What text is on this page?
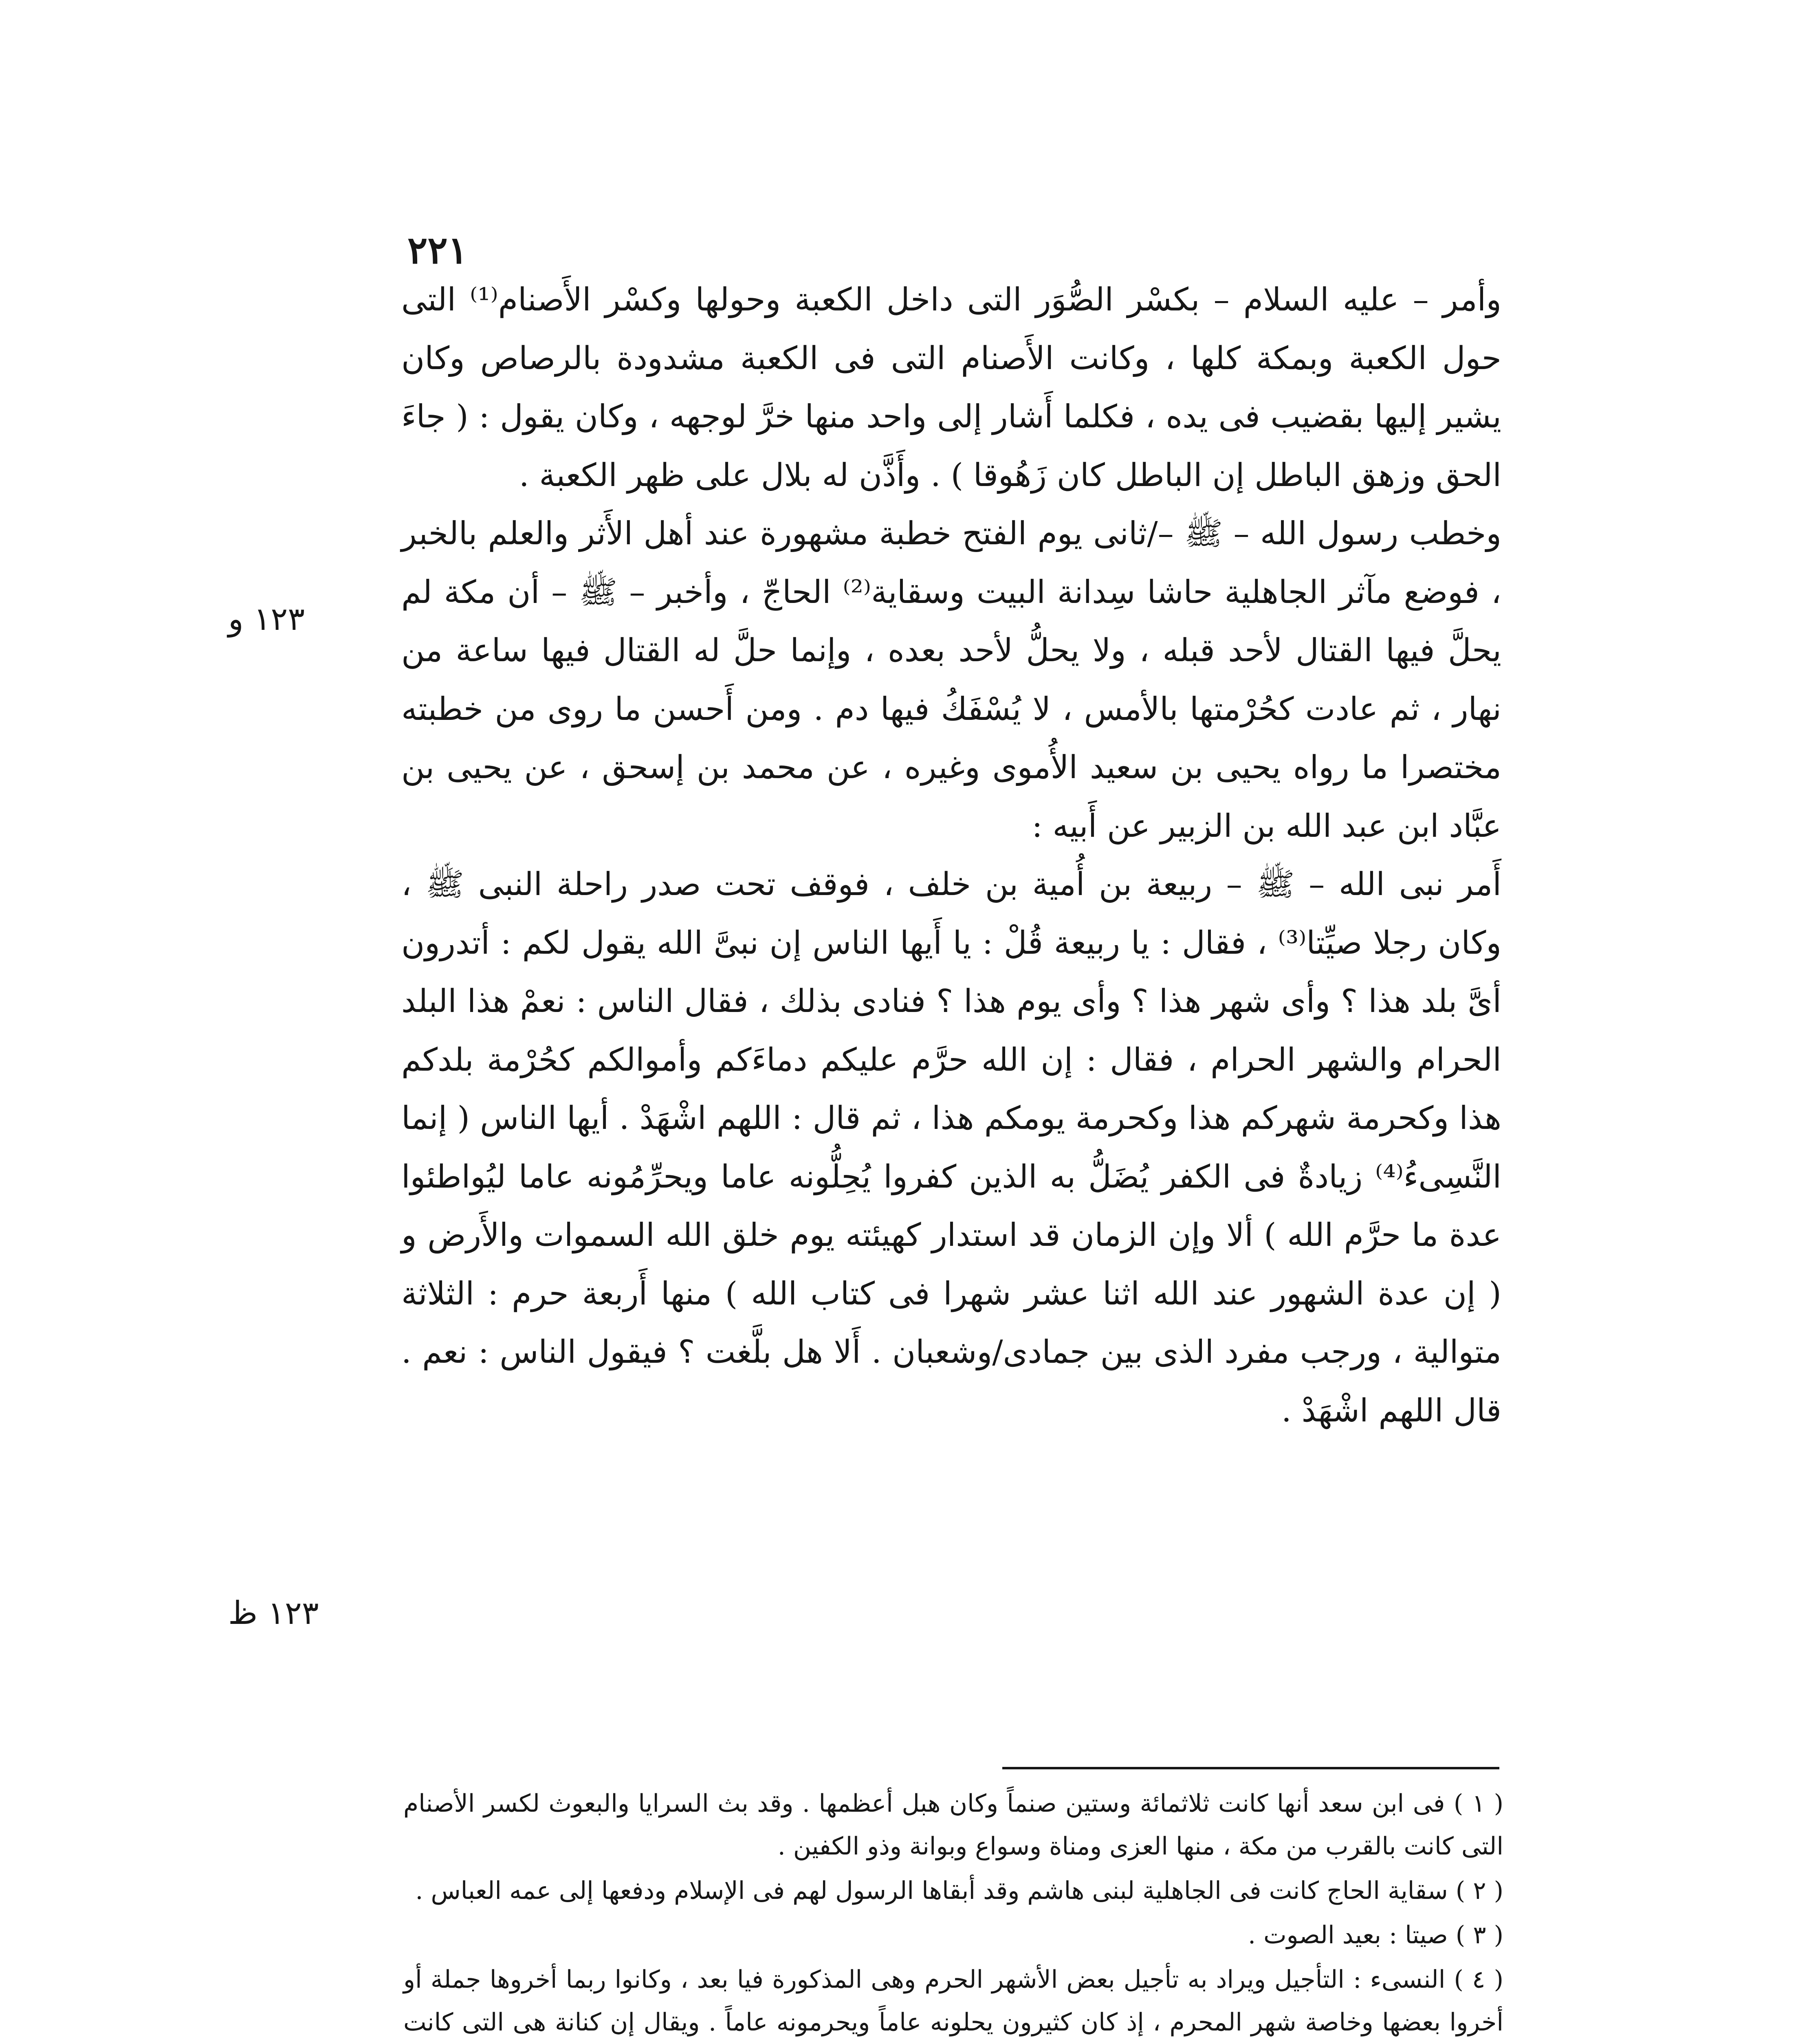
٢٢١
١٢٣ و
١٢٣ ظ

وأمر – عليه السلام – بكسْر الصُّوَر التى داخل الكعبة وحولها وكسْر الأَصنام⁽¹⁾ التى حول الكعبة وبمكة كلها ، وكانت الأَصنام التى فى الكعبة مشدودة بالرصاص وكان يشير إليها بقضيب فى يده ، فكلما أَشار إلى واحد منها خرَّ لوجهه ، وكان يقول : ( جاءَ الحق وزهق الباطل إن الباطل كان زَهُوقا ) . وأَذَّن له بلال على ظهر الكعبة .

وخطب رسول الله – ﷺ –/ثانى يوم الفتح خطبة مشهورة عند أهل الأَثر والعلم بالخبر ، فوضع مآثر الجاهلية حاشا سِدانة البيت وسقاية⁽²⁾ الحاجّ ، وأخبر – ﷺ – أن مكة لم يحلَّ فيها القتال لأحد قبله ، ولا يحلُّ لأحد بعده ، وإنما حلَّ له القتال فيها ساعة من نهار ، ثم عادت كحُرْمتها بالأمس ، لا يُسْفَكُ فيها دم . ومن أَحسن ما روى من خطبته مختصرا ما رواه يحيى بن سعيد الأُموى وغيره ، عن محمد بن إسحق ، عن يحيى بن عبَّاد ابن عبد الله بن الزبير عن أَبيه :

أَمر نبى الله – ﷺ – ربيعة بن أُمية بن خلف ، فوقف تحت صدر راحلة النبى ﷺ ، وكان رجلا صيِّتا⁽³⁾ ، فقال : يا ربيعة قُلْ : يا أَيها الناس إن نبىَّ الله يقول لكم : أتدرون أىَّ بلد هذا ؟ وأى شهر هذا ؟ وأى يوم هذا ؟ فنادى بذلك ، فقال الناس : نعمْ هذا البلد الحرام والشهر الحرام ، فقال : إن الله حرَّم عليكم دماءَكم وأموالكم كحُرْمة بلدكم هذا وكحرمة شهركم هذا وكحرمة يومكم هذا ، ثم قال : اللهم اشْهَدْ . أيها الناس ( إنما النَّسِىءُ⁽⁴⁾ زيادةٌ فى الكفر يُضَلُّ به الذين كفروا يُحِلُّونه عاما ويحرِّمُونه عاما ليُواطئوا عدة ما حرَّم الله ) ألا وإن الزمان قد استدار كهيئته يوم خلق الله السموات والأَرض و ( إن عدة الشهور عند الله اثنا عشر شهرا فى كتاب الله ) منها أَربعة حرم : الثلاثة متوالية ، ورجب مفرد الذى بين جمادى/وشعبان . أَلا هل بلَّغت ؟ فيقول الناس : نعم . قال اللهم اشْهَدْ .

( ١ ) فى ابن سعد أنها كانت ثلاثمائة وستين صنماً وكان هبل أعظمها . وقد بث السرايا والبعوث لكسر الأصنام التى كانت بالقرب من مكة ، منها العزى ومناة وسواع وبوانة وذو الكفين .

( ٢ ) سقاية الحاج كانت فى الجاهلية لبنى هاشم وقد أبقاها الرسول لهم فى الإسلام ودفعها إلى عمه العباس .

( ٣ ) صيتا : بعيد الصوت .

( ٤ ) النسىء : التأجيل ويراد به تأجيل بعض الأشهر الحرم وهى المذكورة فيا بعد ، وكانوا ربما أخروها جملة أو أخروا بعضها وخاصة شهر المحرم ، إذ كان كثيرون يحلونه عاماً ويحرمونه عاماً . ويقال إن كنانة هى التى كانت
